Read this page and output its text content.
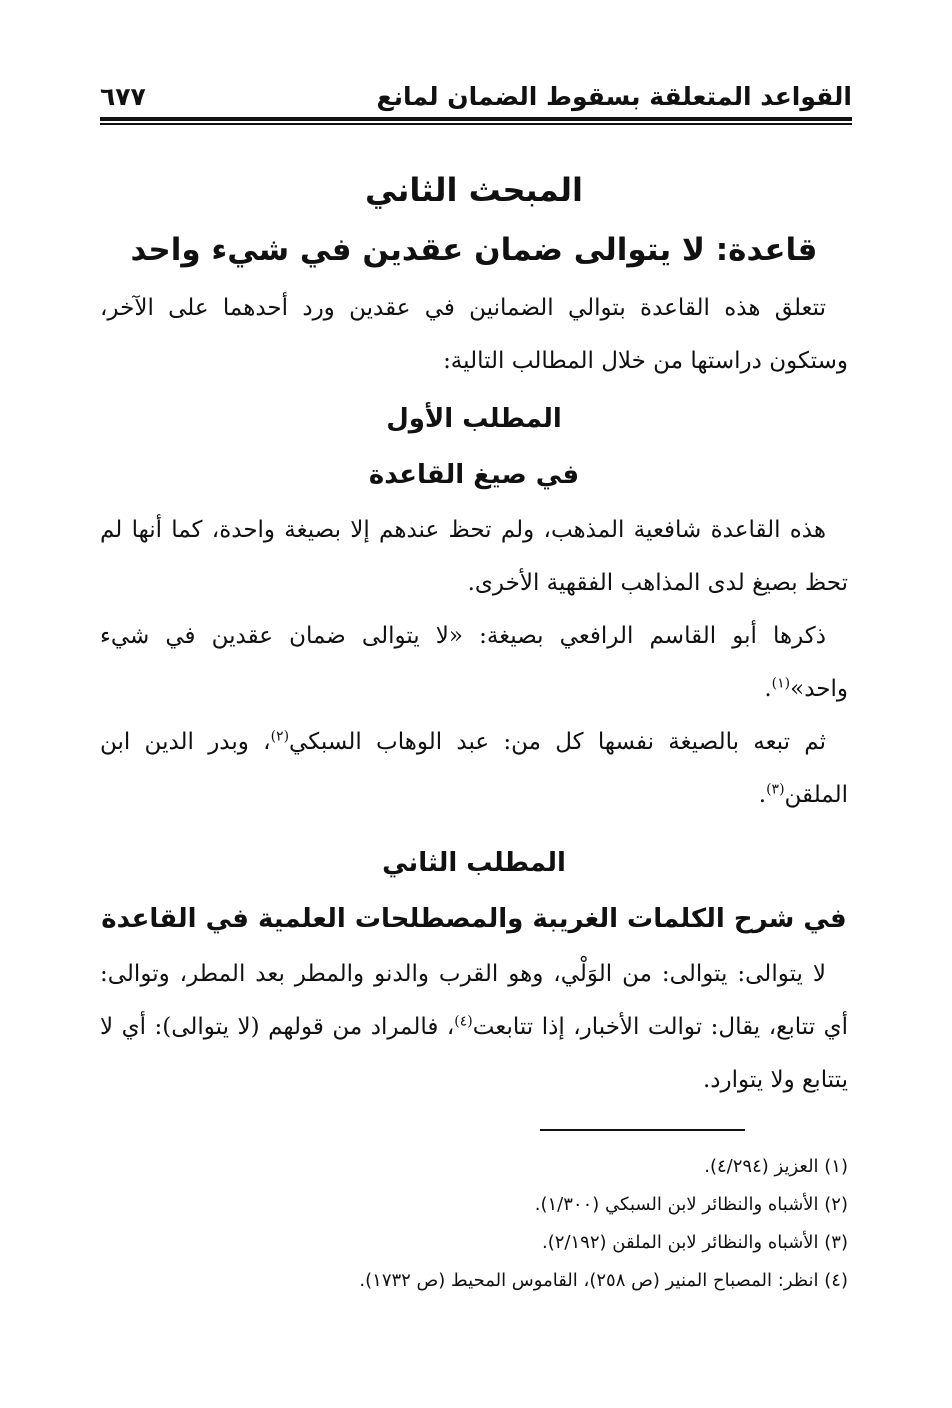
القواعد المتعلقة بسقوط الضمان لمانع
٦٧٧
المبحث الثاني
قاعدة: لا يتوالى ضمان عقدين في شيء واحد

تتعلق هذه القاعدة بتوالي الضمانين في عقدين ورد أحدهما على الآخر، وستكون دراستها من خلال المطالب التالية:

المطلب الأول
في صيغ القاعدة

هذه القاعدة شافعية المذهب، ولم تحظ عندهم إلا بصيغة واحدة، كما أنها لم تحظ بصيغ لدى المذاهب الفقهية الأخرى.

ذكرها أبو القاسم الرافعي بصيغة: «لا يتوالى ضمان عقدين في شيء واحد»$^{(١)}$.

ثم تبعه بالصيغة نفسها كل من: عبد الوهاب السبكي$^{(٢)}$، وبدر الدين ابن الملقن$^{(٣)}$.

المطلب الثاني
في شرح الكلمات الغريبة والمصطلحات العلمية في القاعدة

لا يتوالى: يتوالى: من الوَلْي، وهو القرب والدنو والمطر بعد المطر، وتوالى: أي تتابع، يقال: توالت الأخبار، إذا تتابعت$^{(٤)}$، فالمراد من قولهم (لا يتوالى): أي لا يتتابع ولا يتوارد.

(١) العزيز (٤/٢٩٤).

(٢) الأشباه والنظائر لابن السبكي (١/٣٠٠).

(٣) الأشباه والنظائر لابن الملقن (٢/١٩٢).

(٤) انظر: المصباح المنير (ص ٢٥٨)، القاموس المحيط (ص ١٧٣٢).
